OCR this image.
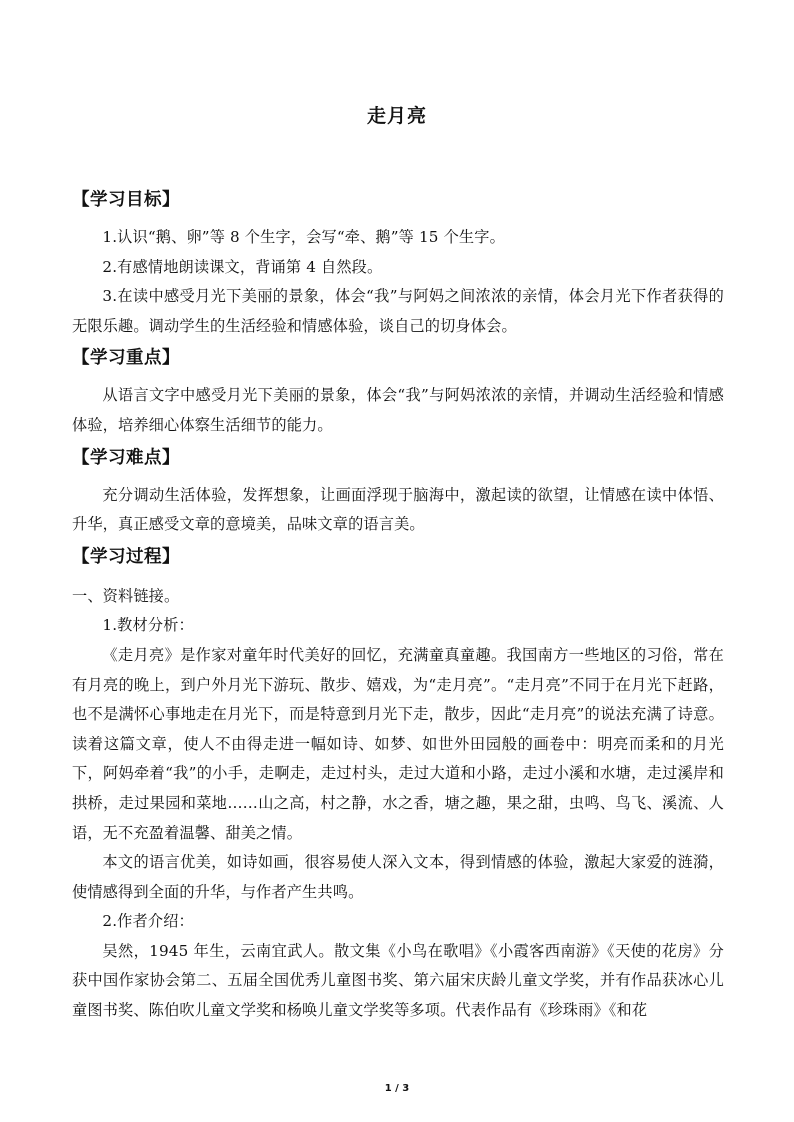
走月亮
【学习目标】

1.认识“鹅、卵”等 8 个生字，会写“牵、鹅”等 15 个生字。

2.有感情地朗读课文，背诵第 4 自然段。

3.在读中感受月光下美丽的景象，体会“我”与阿妈之间浓浓的亲情，体会月光下作者获得的无限乐趣。调动学生的生活经验和情感体验，谈自己的切身体会。

【学习重点】

从语言文字中感受月光下美丽的景象，体会“我”与阿妈浓浓的亲情，并调动生活经验和情感体验，培养细心体察生活细节的能力。

【学习难点】

充分调动生活体验，发挥想象，让画面浮现于脑海中，激起读的欲望，让情感在读中体悟、升华，真正感受文章的意境美，品味文章的语言美。

【学习过程】

一、资料链接。

1.教材分析：

《走月亮》是作家对童年时代美好的回忆，充满童真童趣。我国南方一些地区的习俗，常在有月亮的晚上，到户外月光下游玩、散步、嬉戏，为“走月亮”。“走月亮”不同于在月光下赶路，也不是满怀心事地走在月光下，而是特意到月光下走，散步，因此“走月亮”的说法充满了诗意。读着这篇文章，使人不由得走进一幅如诗、如梦、如世外田园般的画卷中：明亮而柔和的月光下，阿妈牵着“我”的小手，走啊走，走过村头，走过大道和小路，走过小溪和水塘，走过溪岸和拱桥，走过果园和菜地……山之高，村之静，水之香，塘之趣，果之甜，虫鸣、鸟飞、溪流、人语，无不充盈着温馨、甜美之情。

本文的语言优美，如诗如画，很容易使人深入文本，得到情感的体验，激起大家爱的涟漪，使情感得到全面的升华，与作者产生共鸣。

2.作者介绍：

吴然，1945 年生，云南宜武人。散文集《小鸟在歌唱》《小霞客西南游》《天使的花房》分获中国作家协会第二、五届全国优秀儿童图书奖、第六届宋庆龄儿童文学奖，并有作品获冰心儿童图书奖、陈伯吹儿童文学奖和杨唤儿童文学奖等多项。代表作品有《珍珠雨》《和花

1 / 3
